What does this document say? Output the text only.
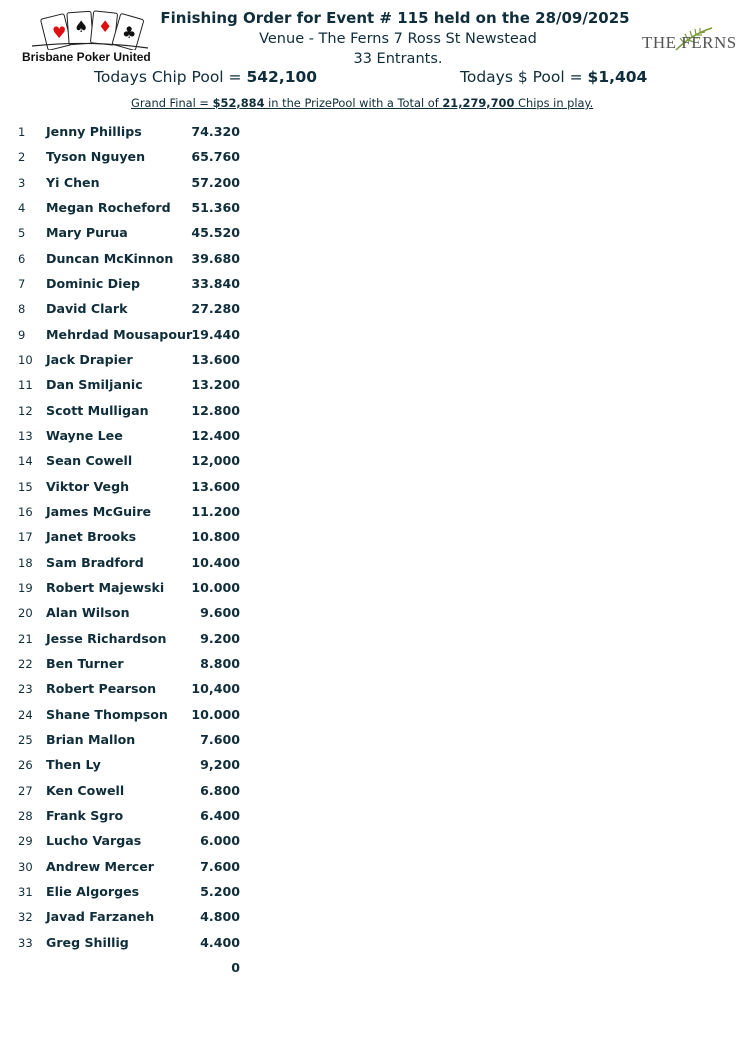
♥ ♠ ♦ ♣
Brisbane Poker United
THE FERNS
Finishing Order for Event # 115 held on the 28/09/2025
Venue - The Ferns 7 Ross St Newstead
33 Entrants.
Todays Chip Pool = 542,100	Todays $ Pool = $1,404
Grand Final = $52,884 in the PrizePool with a Total of 21,279,700 Chips in play.
1 Jenny Phillips	74.320
2 Tyson Nguyen	65.760
3 Yi Chen	57.200
4 Megan Rocheford 51.360
5 Mary Purua	45.520
6 Duncan McKinnon 39.680
7 Dominic Diep	33.840
8 David Clark	27.280
9 Mehrdad Mousapour 19.440
10 Jack Drapier	13.600
11 Dan Smiljanic	13.200
12 Scott Mulligan	12.800
13 Wayne Lee	12.400
14 Sean Cowell	12,000
15 Viktor Vegh	13.600
16 James McGuire	11.200
17 Janet Brooks	10.800
18 Sam Bradford	10.400
19 Robert Majewski 10.000
20 Alan Wilson	9.600
21 Jesse Richardson	9.200
22 Ben Turner	8.800
23 Robert Pearson	10,400
24 Shane Thompson 10.000
25 Brian Mallon	7.600
26 Then Ly	9,200
27 Ken Cowell	6.800
28 Frank Sgro	6.400
29 Lucho Vargas	6.000
30 Andrew Mercer	7.600
31 Elie Algorges	5.200
32 Javad Farzaneh	4.800
33 Greg Shillig	4.400
0
